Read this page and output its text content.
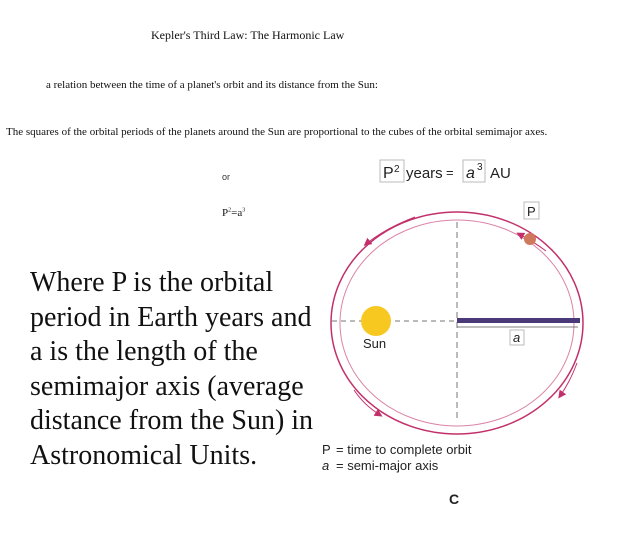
Kepler's Third Law: The Harmonic Law
a relation between the time of a planet's orbit and its distance from the Sun:
The squares of the orbital periods of the planets around the Sun are proportional to the cubes of the orbital semimajor axes.
or
$P^2=a^3$
Where P is the orbital
period in Earth years and
a is the length of the
semimajor axis (average
distance from the Sun) in
Astronomical Units.
P 2 years = a 3 AU
a
Sun
P
P = time to complete orbit
a = semi-major axis
C
